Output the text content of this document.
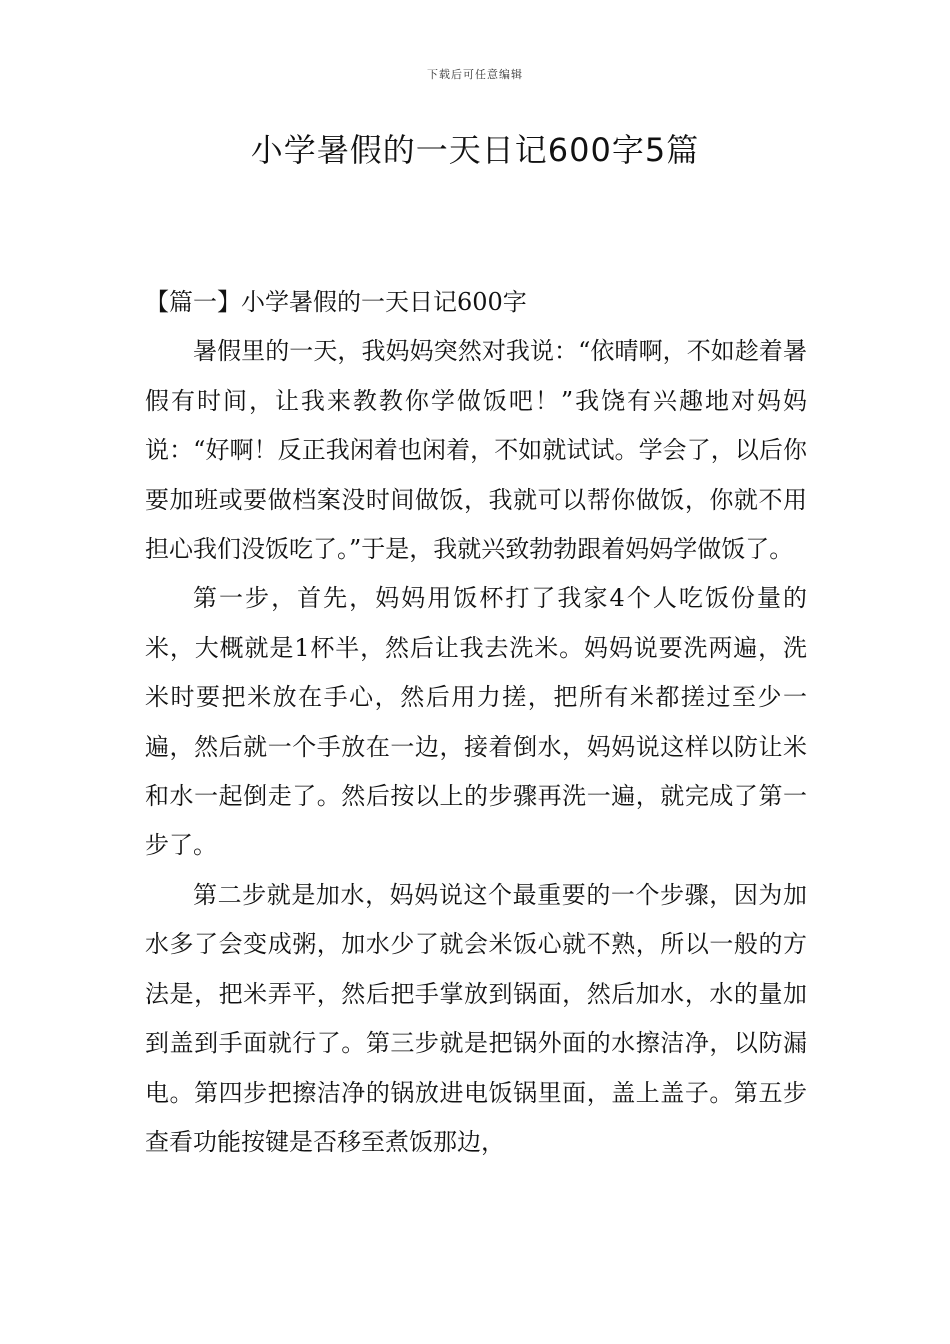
下载后可任意编辑
小学暑假的一天日记600字5篇

【篇一】小学暑假的一天日记600字

暑假里的一天，我妈妈突然对我说：“依晴啊，不如趁着暑假有时间，让我来教教你学做饭吧！”我饶有兴趣地对妈妈说：“好啊！反正我闲着也闲着，不如就试试。学会了，以后你要加班或要做档案没时间做饭，我就可以帮你做饭，你就不用担心我们没饭吃了。”于是，我就兴致勃勃跟着妈妈学做饭了。

第一步，首先，妈妈用饭杯打了我家4个人吃饭份量的米，大概就是1杯半，然后让我去洗米。妈妈说要洗两遍，洗米时要把米放在手心，然后用力搓，把所有米都搓过至少一遍，然后就一个手放在一边，接着倒水，妈妈说这样以防让米和水一起倒走了。然后按以上的步骤再洗一遍，就完成了第一步了。

第二步就是加水，妈妈说这个最重要的一个步骤，因为加水多了会变成粥，加水少了就会米饭心就不熟，所以一般的方法是，把米弄平，然后把手掌放到锅面，然后加水，水的量加到盖到手面就行了。第三步就是把锅外面的水擦洁净，以防漏电。第四步把擦洁净的锅放进电饭锅里面，盖上盖子。第五步查看功能按键是否移至煮饭那边，
